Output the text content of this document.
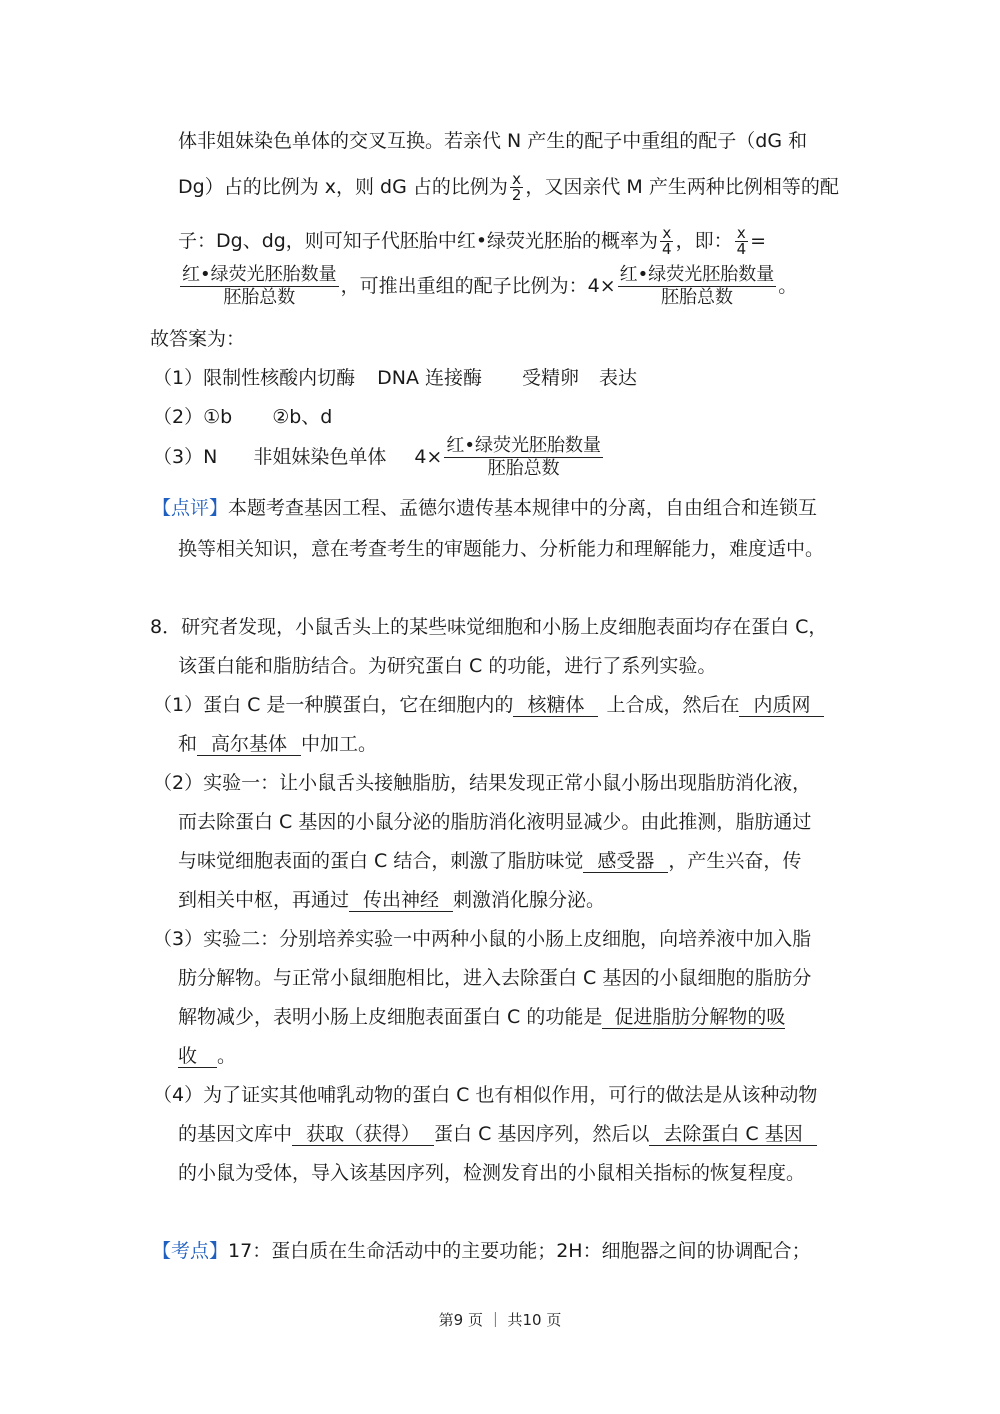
体非姐妹染色单体的交叉互换。若亲代 N 产生的配子中重组的配子（dG 和
Dg）占的比例为 x，则 dG 占的比例为 $\frac{x}{2}$ ，又因亲代 M 产生两种比例相等的配
子：Dg、dg，则可知子代胚胎中红•绿荧光胚胎的概率为 $\frac{x}{4}$ ，即： $\frac{x}{4}$ =
$\frac{\text{红•绿荧光胚胎数量}}{\text{胚胎总数}}$ ，可推出重组的配子比例为：$4\times \frac{\text{红•绿荧光胚胎数量}}{\text{胚胎总数}}$ 。
故答案为：
（1）限制性核酸内切酶 DNA 连接酶 受精卵 表达
（2）①b ②b、d
（3）N 非姐妹染色单体 $4\times \frac{\text{红•绿荧光胚胎数量}}{\text{胚胎总数}}$
【点评】本题考查基因工程、孟德尔遗传基本规律中的分离，自由组合和连锁互
换等相关知识，意在考查考生的审题能力、分析能力和理解能力，难度适中。
8．研究者发现，小鼠舌头上的某些味觉细胞和小肠上皮细胞表面均存在蛋白 C，
该蛋白能和脂肪结合。为研究蛋白 C 的功能，进行了系列实验。
（1）蛋白 C 是一种膜蛋白，它在细胞内的 核糖体 上合成，然后在 内质网
和 高尔基体 中加工。
（2）实验一：让小鼠舌头接触脂肪，结果发现正常小鼠小肠出现脂肪消化液，
而去除蛋白 C 基因的小鼠分泌的脂肪消化液明显减少。由此推测，脂肪通过
与味觉细胞表面的蛋白 C 结合，刺激了脂肪味觉 感受器 ，产生兴奋，传
到相关中枢，再通过 传出神经 刺激消化腺分泌。
（3）实验二：分别培养实验一中两种小鼠的小肠上皮细胞，向培养液中加入脂
肪分解物。与正常小鼠细胞相比，进入去除蛋白 C 基因的小鼠细胞的脂肪分
解物减少，表明小肠上皮细胞表面蛋白 C 的功能是 促进脂肪分解物的吸
收 。
（4）为了证实其他哺乳动物的蛋白 C 也有相似作用，可行的做法是从该种动物
的基因文库中 获取（获得） 蛋白 C 基因序列，然后以 去除蛋白 C 基因
的小鼠为受体，导入该基因序列，检测发育出的小鼠相关指标的恢复程度。
【考点】17：蛋白质在生命活动中的主要功能；2H：细胞器之间的协调配合；
第9 页 ｜ 共10 页
